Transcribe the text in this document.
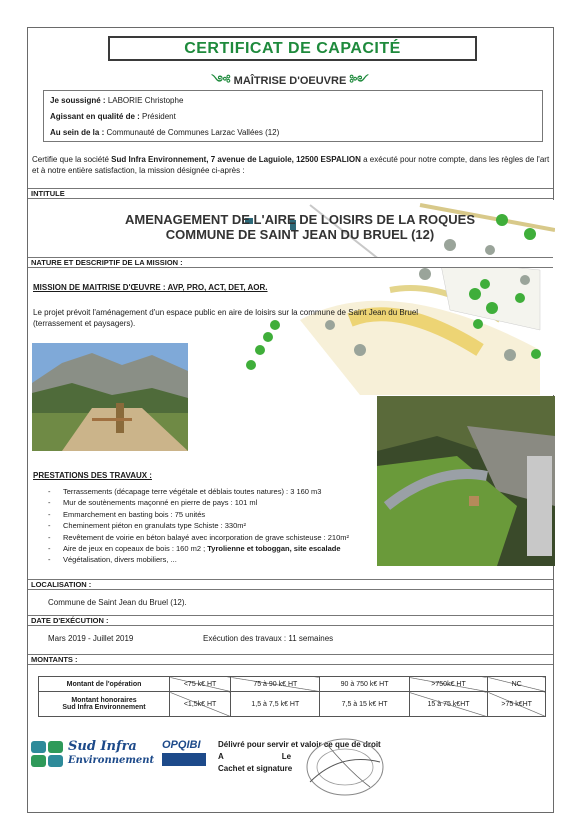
CERTIFICAT DE CAPACITÉ
༺ MAÎTRISE D'OEUVRE ༻
Je soussigné : LABORIE Christophe
Agissant en qualité de : Président
Au sein de la : Communauté de Communes Larzac Vallées (12)
Certifie que la société Sud Infra Environnement, 7 avenue de Laguiole, 12500 ESPALION a exécuté pour notre compte, dans les règles de l'art et à notre entière satisfaction, la mission désignée ci-après :
INTITULE
AMENAGEMENT DE L'AIRE DE LOISIRS DE LA ROQUES
COMMUNE DE SAINT JEAN DU BRUEL (12)
NATURE ET DESCRIPTIF DE LA MISSION :
MISSION DE MAITRISE D'ŒUVRE : AVP, PRO, ACT, DET, AOR.
Le projet prévoit l'aménagement d'un espace public en aire de loisirs sur la commune de Saint Jean du Bruel (terrassement et paysagers).
PRESTATIONS DES TRAVAUX :
- Terrassements (décapage terre végétale et déblais toutes natures) : 3 160 m3
- Mur de soutènements maçonné en pierre de pays : 101 ml
- Emmarchement en basting bois : 75 unités
- Cheminement piéton en granulats type Schiste : 330m²
- Revêtement de voirie en béton balayé avec incorporation de grave schisteuse : 210m²
- Aire de jeux en copeaux de bois : 160 m2 ; Tyrolienne et toboggan, site escalade
- Végétalisation, divers mobiliers, ...
LOCALISATION :
Commune de Saint Jean du Bruel (12).
DATE D'EXÉCUTION :
Mars 2019 - Juillet 2019	Exécution des travaux : 11 semaines
MONTANTS :
Montant de l'opération	<75 k€ HT	75 à 90 k€ HT	90 à 750 k€ HT	>750k€ HT	NC

Montant honoraires
Sud Infra Environnement	<1,5k€ HT	1,5 à 7,5 k€ HT	7,5 à 15 k€ HT	15 à 75 k€HT	>75 k€HT
Sud Infra
Environnement
OPQIBI Délivré pour servir et valoir ce que de droit
A	Le
Cachet et signature
